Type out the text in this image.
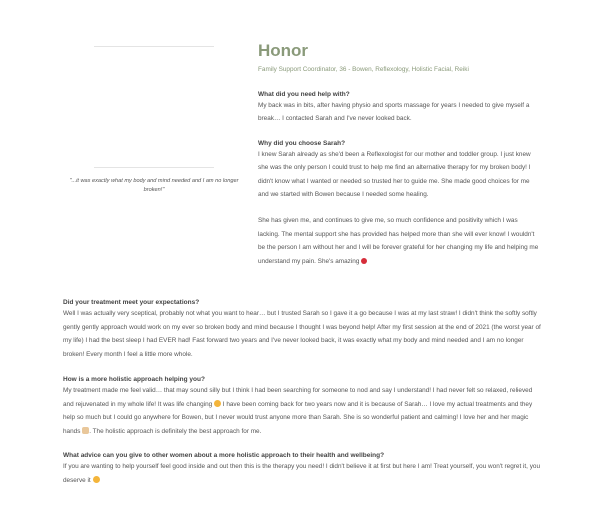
"...it was exactly what my body and mind needed and I am no longer broken!"
Honor
Family Support Coordinator, 36 - Bowen, Reflexology, Holistic Facial, Reiki
What did you need help with?
My back was in bits, after having physio and sports massage for years I needed to give myself a break… I contacted Sarah and I've never looked back.
Why did you choose Sarah?
I knew Sarah already as she'd been a Reflexologist for our mother and toddler group. I just knew she was the only person I could trust to help me find an alternative therapy for my broken body! I didn't know what I wanted or needed so trusted her to guide me. She made good choices for me and we started with Bowen because I needed some healing.
She has given me, and continues to give me, so much confidence and positivity which I was lacking. The mental support she has provided has helped more than she will ever know! I wouldn't be the person I am without her and I will be forever grateful for her changing my life and helping me understand my pain. She's amazing
Did your treatment meet your expectations?
Well I was actually very sceptical, probably not what you want to hear… but I trusted Sarah so I gave it a go because I was at my last straw! I didn't think the softly softly gently gently approach would work on my ever so broken body and mind because I thought I was beyond help! After my first session at the end of 2021 (the worst year of my life) I had the best sleep I had EVER had! Fast forward two years and I've never looked back, it was exactly what my body and mind needed and I am no longer broken! Every month I feel a little more whole.
How is a more holistic approach helping you?
My treatment made me feel valid… that may sound silly but I think I had been searching for someone to nod and say I understand! I had never felt so relaxed, relieved and rejuvenated in my whole life! It was life changing I have been coming back for two years now and it is because of Sarah… I love my actual treatments and they help so much but I could go anywhere for Bowen, but I never would trust anyone more than Sarah. She is so wonderful patient and calming! I love her and her magic hands . The holistic approach is definitely the best approach for me.
What advice can you give to other women about a more holistic approach to their health and wellbeing?
If you are wanting to help yourself feel good inside and out then this is the therapy you need! I didn't believe it at first but here I am! Treat yourself, you won't regret it, you deserve it
